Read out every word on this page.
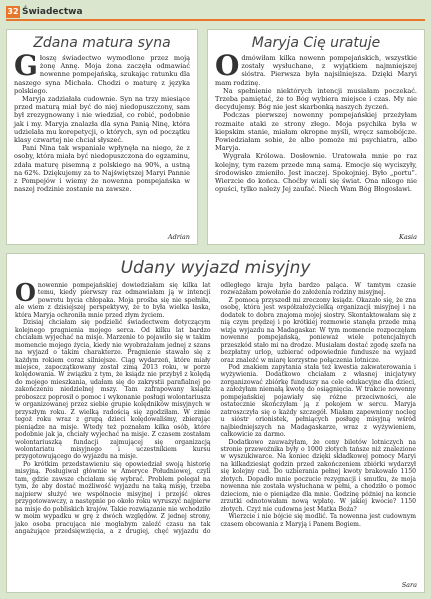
32 Świadectwa
Zdana matura syna

Głoszę świadectwo wymodlone przez moją żonę Annę. Moja żona zaczęła odmawiać nowenne pompejańską, szukając ratunku dla naszego syna Michała. Chodzi o maturę z języka polskiego.

Maryja zadziałała cudownie. Syn na trzy miesiące przed maturą miał być do niej niedopuszczony, sam był zrezygnowany i nie wiedział, co robić, podobnie jak i my. Maryja znalazła dla syna Panią Ninę, która udzielała mu korepetycji, o których, syn od początku klasy czwartej nie chciał słyszeć.

Pani Nina tak wspaniale wpłynęła na niego, że z osoby, która miała być niedopuszczona do egzaminu, zdała maturę pisemną z polskiego na 90%, a ustną na 62%. Dziękujemy za to Najświętszej Maryi Pannie z Pompejów i wiemy że nowenna pompejańska w naszej rodzinie zostanie na zawsze.

Adrian
Maryja Cię uratuje

Odmówiłam kilka nowenn pompejańskich, wszystkie zostały wysłuchane, z wyjątkiem najmniejszej sióstra. Pierwsza była najsilniejsza. Dzięki Maryi mam rodzinę.

Na spełnienie niektórych intencji musiałam poczekać. Trzeba pamiętać, że to Bóg wybiera miejsce i czas. My nie decydujemy. Bóg nie jest skarbonką naszych życzeń.

Podczas pierwszej nowenny pompejańskiej przeżyłam rozmaite ataki ze strony złego. Moja psychika była w kiepskim stanie, miałam okropne myśli, wręcz samobójcze. Powiedziałam sobie, że albo pomoże mi psychiatra, albo Maryja.

Wygrała Królowa. Dosłownie. Uratowała mnie po raz kolejny, tym razem przede mną samą. Emocje się wyciszyły, środowisko zmieniło. Jest inaczej. Spokojniej. Było „portu”. Wierzcie do końca. Choćby wiali się świat. Ona nikogo nie opuści, tylko należy Jej zaufać. Niech Wam Bóg Błogosławi.

Kasia
Udany wyjazd misyjny

Onowennie pompejańskiej dowiedziałam się kilka lat temu, kiedy pierwszy raz odmawiałam ją w intencji powrotu bycia chłopaka. Moja prośba się nie spełniła, ale wiem z dzisiejszej perspektywy, że to była wielka łaska, która Maryja ochroniła mnie przed złym życiem.

Dzisiaj chciałam się podzielić świadectwem dotyczącym kolejnego pragnienia mojego serca. Od kilku lat bardzo chciałam wyjechać na misje. Marzenie to pojawiło się w takim momencie mojego życia, kiedy nie wyobrażałam jednej z szans na wyjazd o takim charakterze. Pragnienie stawało się z każdym rokiem coraz silniejsze. Ciąg wydarzeń, które miały miejsce, zapoczątkowany został zimą 2013 roku, w porze kolędowania. W związku z tym, że ksiądz nie przybył z kolędą do mojego mieszkania, udałam się do zakrystii parafialnej po zakończeniu niedzielnej mszy. Tam zafrapowany ksiądz proboszcz poprosił o pomoc i wykonanie posługi wolontariusza w organizowanej przez siebie grupie kolędników misyjnych w przyszłym roku. Z wielką radością się zgodziłam. W zimie tegoż roku wraz z grupą dzieci kolędowaliśmy, zbierając pieniądze na misje. Wtedy też poznałam kilka osób, które podobnie jak ja, chciały wyjechać na misje. Z czasem zostałam wolontariuszką fundacji zajmującej się organizacją wolontariatu misyjnego i uczestnikiem kursu przygotowującego do wyjazdu na misje.

Po krótkim przedstawieniu się opowiedział swoją historię misyjną. Posługiwał głównie w Ameryce Południowej, czyli tam, gdzie zawsze chciałam się wybrać. Problem polegał na tym, że aby dostać możliwość wyjazdu na taką misję, trzeba najpierw służyć we wspólnocie misyjnej i przejść okres przygotowawczy, a następnie po około roku wyruszyć najpierw na misje do pobliskich krajów. Takie rozwiązanie nie wchodziło w moim wypadku w grę z dwóch względów. Z jednej strony, jako osoba pracująca nie mogłabym zaleźć czasu na tak angażujące przedsięwzięcia, a z drugiej, chęć wyjazdu do odległego kraju była bardzo paląca. W tamtym czasie rozważałam powołanie do założenia rodziny misyjnej.

Z pomocą przyszedł mi zreczony ksiądz. Okazało się, że zna osobę, która jest współzałożycielką organizacji misyjnej i na dodatek to dobra znajoma mojej siostry. Skontaktowałam się z nią czym prędzej i po krótkiej rozmowie stanęła przede mną wizja wyjazdu na Madagaskar. W tym momencie rozpoczęłam nowenne pompejańską, ponieważ wiele potencjalnych przeszkód stało mi na drodze. Musiałam dostać zgodę szefa na bezpłatny urlop, uzbierać odpowiednie fundusze na wyjazd oraz znaleźć w miarę korzystne połączenia lotnicze.

Pod znakiem zapytania stała też kwestia zakwaterowania i wyżywienia. Dodatkowo chciałam z własnej inicjatywy zorganizować zbiórkę funduszy na cele edukacyjne dla dzieci, a założyłam niemałą kwotę do osiągnięcia. W trakcie nowenny pompejańskiej pojawiały się różne przeciwności, ale ostatecznie skończyłam ją z pokojem w sercu. Maryja zatroszczyła się o każdy szczegół. Miałam zapewniony nocleg u sióstr orionistek, pełniących posługę misyjną wśród najbiedniejszych na Madagaskarze, wraz z wyżywieniem, całkowicie za darmo.

Dodatkowo zauważyłam, że ceny biletów lotniczych na stronie przewoźnika były o 1000 złotych tańsze niż znalezione w wyszukiwarce. Na koniec dzięki składkowej pomocy Maryi na kilkadziesiąt godzin przed zakończeniem zbiórki wydarzył się kolejny cud. Do uzbierania pełnej kwoty brakowało 1150 złotych. Dopadło mnie poczucie rezygnacji i smutku, że moja nowenna nie została wysłuchana w pełni, a chodziło o pomoc dzieciom, nie o pieniądze dla mnie. Godzinę później na koncie zrzutki odnotowałam nową wpłatę. W jakiej kwocie? 1150 złotych. Czyż nie cudowna jest Matka Boża?

Wierzcie i nie bójcie się modlić. Ta nowenna jest cudownym czasem obcowania z Maryją i Panem Bogiem.

Sara
